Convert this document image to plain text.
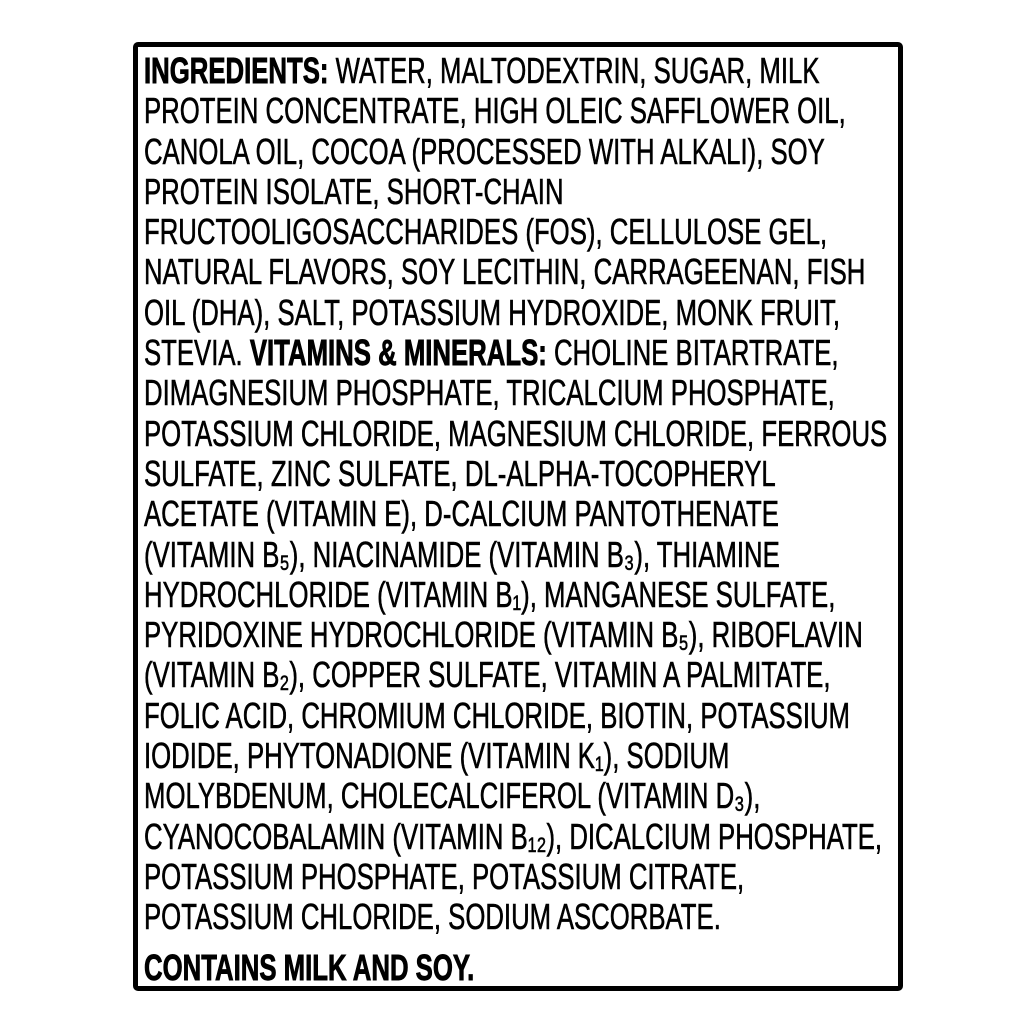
INGREDIENTS: WATER, MALTODEXTRIN, SUGAR, MILK
PROTEIN CONCENTRATE, HIGH OLEIC SAFFLOWER OIL,
CANOLA OIL, COCOA (PROCESSED WITH ALKALI), SOY
PROTEIN ISOLATE, SHORT-CHAIN
FRUCTOOLIGOSACCHARIDES (FOS), CELLULOSE GEL,
NATURAL FLAVORS, SOY LECITHIN, CARRAGEENAN, FISH
OIL (DHA), SALT, POTASSIUM HYDROXIDE, MONK FRUIT,
STEVIA. VITAMINS & MINERALS: CHOLINE BITARTRATE,
DIMAGNESIUM PHOSPHATE, TRICALCIUM PHOSPHATE,
POTASSIUM CHLORIDE, MAGNESIUM CHLORIDE, FERROUS
SULFATE, ZINC SULFATE, DL-ALPHA-TOCOPHERYL
ACETATE (VITAMIN E), D-CALCIUM PANTOTHENATE
(VITAMIN B₅), NIACINAMIDE (VITAMIN B₃), THIAMINE
HYDROCHLORIDE (VITAMIN B₁), MANGANESE SULFATE,
PYRIDOXINE HYDROCHLORIDE (VITAMIN B₅), RIBOFLAVIN
(VITAMIN B₂), COPPER SULFATE, VITAMIN A PALMITATE,
FOLIC ACID, CHROMIUM CHLORIDE, BIOTIN, POTASSIUM
IODIDE, PHYTONADIONE (VITAMIN K₁), SODIUM
MOLYBDENUM, CHOLECALCIFEROL (VITAMIN D₃),
CYANOCOBALAMIN (VITAMIN B₁₂), DICALCIUM PHOSPHATE,
POTASSIUM PHOSPHATE, POTASSIUM CITRATE,
POTASSIUM CHLORIDE, SODIUM ASCORBATE.
CONTAINS MILK AND SOY.
